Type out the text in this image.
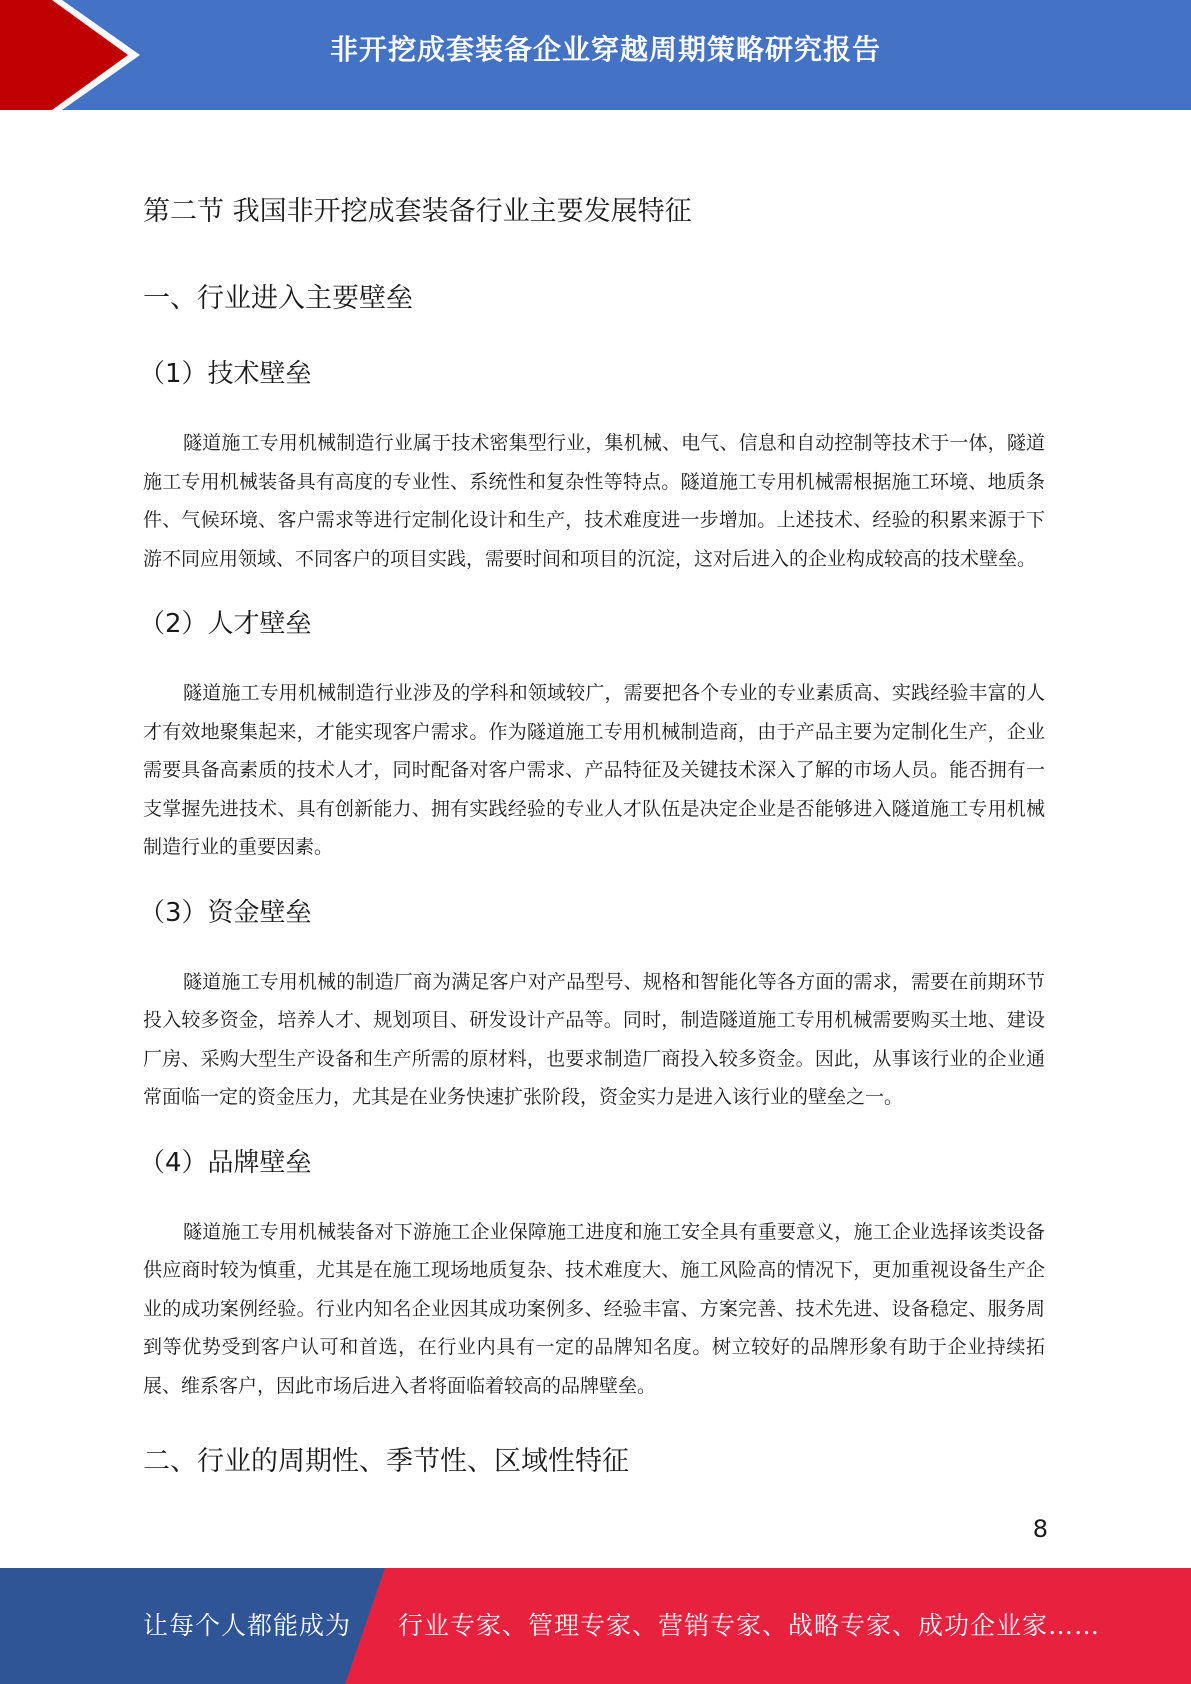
非开挖成套装备企业穿越周期策略研究报告
第二节 我国非开挖成套装备行业主要发展特征
一、行业进入主要壁垒
（1）技术壁垒

隧道施工专用机械制造行业属于技术密集型行业，集机械、电气、信息和自动控制等技术于一体，隧道施工专用机械装备具有高度的专业性、系统性和复杂性等特点。隧道施工专用机械需根据施工环境、地质条件、气候环境、客户需求等进行定制化设计和生产，技术难度进一步增加。上述技术、经验的积累来源于下游不同应用领域、不同客户的项目实践，需要时间和项目的沉淀，这对后进入的企业构成较高的技术壁垒。

（2）人才壁垒

隧道施工专用机械制造行业涉及的学科和领域较广，需要把各个专业的专业素质高、实践经验丰富的人才有效地聚集起来，才能实现客户需求。作为隧道施工专用机械制造商，由于产品主要为定制化生产，企业需要具备高素质的技术人才，同时配备对客户需求、产品特征及关键技术深入了解的市场人员。能否拥有一支掌握先进技术、具有创新能力、拥有实践经验的专业人才队伍是决定企业是否能够进入隧道施工专用机械制造行业的重要因素。

（3）资金壁垒

隧道施工专用机械的制造厂商为满足客户对产品型号、规格和智能化等各方面的需求，需要在前期环节投入较多资金，培养人才、规划项目、研发设计产品等。同时，制造隧道施工专用机械需要购买土地、建设厂房、采购大型生产设备和生产所需的原材料，也要求制造厂商投入较多资金。因此，从事该行业的企业通常面临一定的资金压力，尤其是在业务快速扩张阶段，资金实力是进入该行业的壁垒之一。

（4）品牌壁垒

隧道施工专用机械装备对下游施工企业保障施工进度和施工安全具有重要意义，施工企业选择该类设备供应商时较为慎重，尤其是在施工现场地质复杂、技术难度大、施工风险高的情况下，更加重视设备生产企业的成功案例经验。行业内知名企业因其成功案例多、经验丰富、方案完善、技术先进、设备稳定、服务周到等优势受到客户认可和首选，在行业内具有一定的品牌知名度。树立较好的品牌形象有助于企业持续拓展、维系客户，因此市场后进入者将面临着较高的品牌壁垒。

二、行业的周期性、季节性、区域性特征
8
让每个人都能成为 行业专家、管理专家、营销专家、战略专家、成功企业家……
